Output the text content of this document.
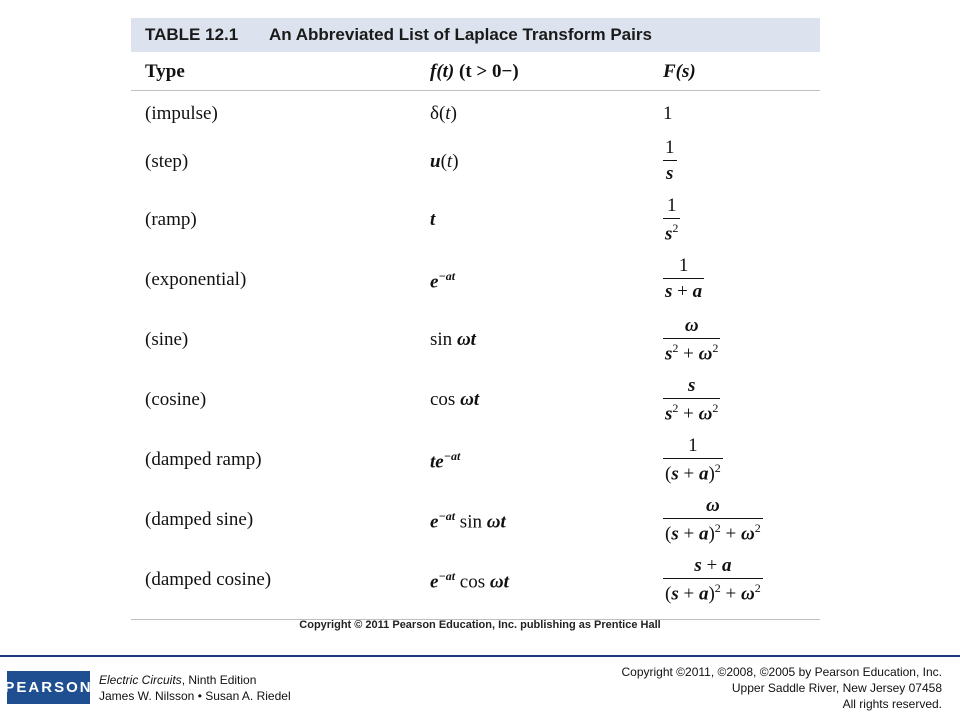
TABLE 12.1	An Abbreviated List of Laplace Transform Pairs
Type	f(t) (t > 0−)	F(s)
(impulse)	δ(t)	1
(step)	u(t)	$\frac{1}{s}$
(ramp)	t	$\frac{1}{s^2}$
(exponential)	$e^{-at}$	$\frac{1}{s + a}$
(sine)	sin ωt	$\frac{\omega}{s^2 + \omega^2}$
(cosine)	cos ωt	$\frac{s}{s^2 + \omega^2}$
(damped ramp)	$te^{-at}$	$\frac{1}{(s + a)^2}$
(damped sine)	$e^{-at}$ sin ωt	$\frac{\omega}{(s + a)^2 + \omega^2}$
(damped cosine)	$e^{-at}$ cos ωt	$\frac{s + a}{(s + a)^2 + \omega^2}$
Copyright © 2011 Pearson Education, Inc. publishing as Prentice Hall
PEARSON Electric Circuits, Ninth Edition
James W. Nilsson • Susan A. Riedel
Copyright ©2011, ©2008, ©2005 by Pearson Education, Inc.
Upper Saddle River, New Jersey 07458
All rights reserved.
